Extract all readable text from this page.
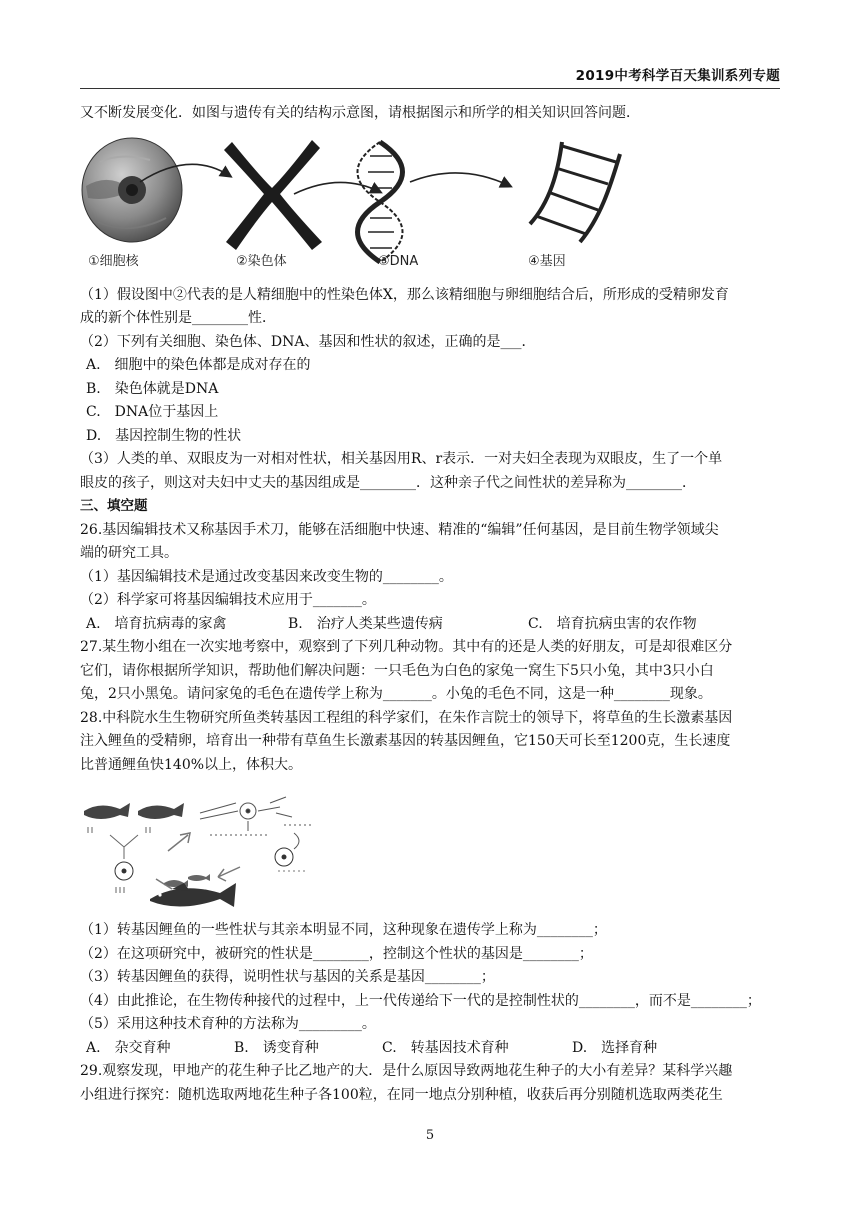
2019中考科学百天集训系列专题
又不断发展变化．如图与遗传有关的结构示意图，请根据图示和所学的相关知识回答问题．
①细胞核	②染色体	③DNA	④基因
（1）假设图中②代表的是人精细胞中的性染色体X，那么该精细胞与卵细胞结合后，所形成的受精卵发育
成的新个体性别是________性．
（2）下列有关细胞、染色体、DNA、基因和性状的叙述，正确的是___．
A.　细胞中的染色体都是成对存在的
B.　染色体就是DNA
C.　DNA位于基因上
D.　基因控制生物的性状
（3）人类的单、双眼皮为一对相对性状，相关基因用R、r表示．一对夫妇全表现为双眼皮，生了一个单
眼皮的孩子，则这对夫妇中丈夫的基因组成是________．这种亲子代之间性状的差异称为________．
三、填空题
26.基因编辑技术又称基因手术刀，能够在活细胞中快速、精准的“编辑”任何基因，是目前生物学领域尖
端的研究工具。
（1）基因编辑技术是通过改变基因来改变生物的________。
（2）科学家可将基因编辑技术应用于_______。
A.　培育抗病毒的家禽	B.　治疗人类某些遗传病	C.　培育抗病虫害的农作物
27.某生物小组在一次实地考察中，观察到了下列几种动物。其中有的还是人类的好朋友，可是却很难区分
它们，请你根据所学知识，帮助他们解决问题：一只毛色为白色的家兔一窝生下5只小兔，其中3只小白
兔，2只小黑兔。请问家兔的毛色在遗传学上称为_______。小兔的毛色不同，这是一种________现象。
28.中科院水生生物研究所鱼类转基因工程组的科学家们，在朱作言院士的领导下，将草鱼的生长激素基因
注入鲤鱼的受精卵，培育出一种带有草鱼生长激素基因的转基因鲤鱼，它150天可长至1200克，生长速度
比普通鲤鱼快140%以上，体积大。
（1）转基因鲤鱼的一些性状与其亲本明显不同，这种现象在遗传学上称为________；
（2）在这项研究中，被研究的性状是________，控制这个性状的基因是________；
（3）转基因鲤鱼的获得，说明性状与基因的关系是基因________；
（4）由此推论，在生物传种接代的过程中，上一代传递给下一代的是控制性状的________，而不是________；
（5）采用这种技术育种的方法称为_________。
A.　杂交育种	B.　诱变育种	C.　转基因技术育种	D.　选择育种
29.观察发现，甲地产的花生种子比乙地产的大．是什么原因导致两地花生种子的大小有差异？某科学兴趣
小组进行探究：随机选取两地花生种子各100粒，在同一地点分别种植，收获后再分别随机选取两类花生
5
